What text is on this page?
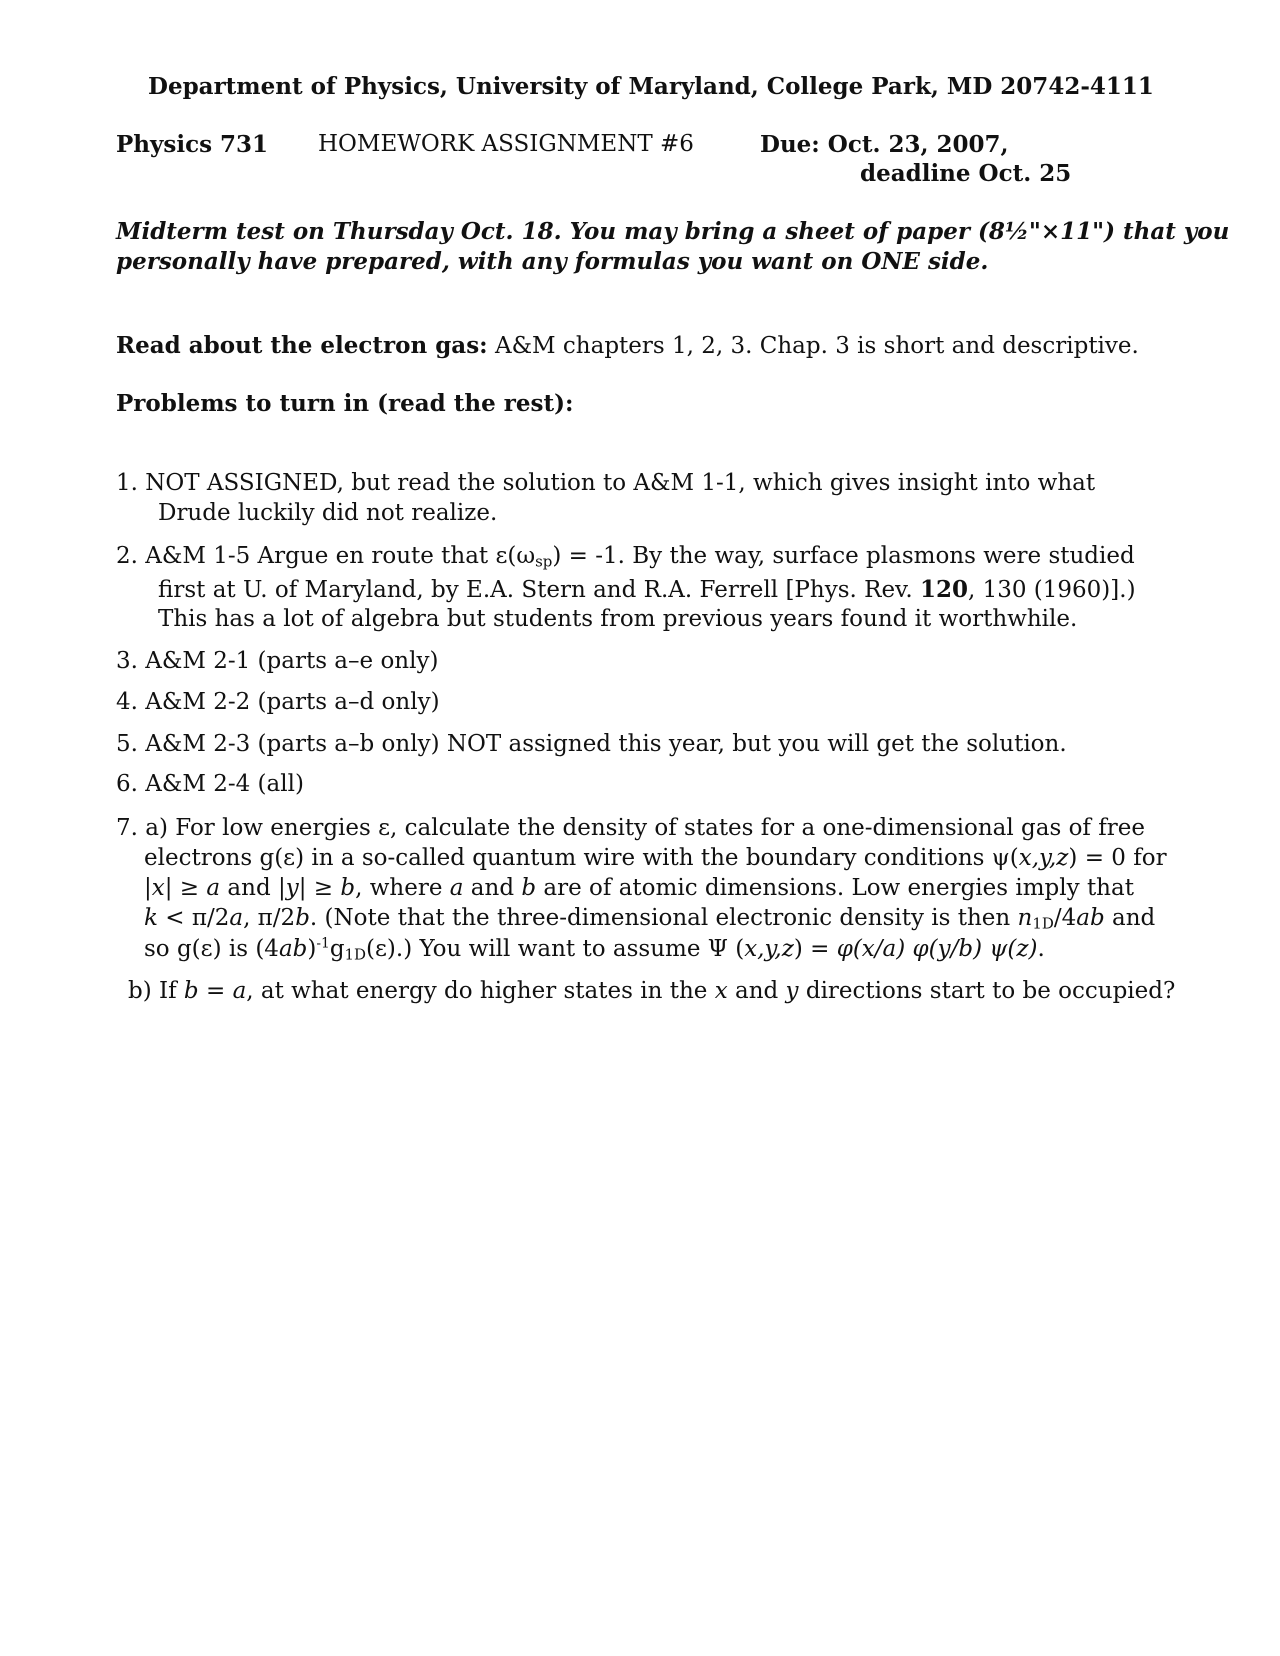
Department of Physics, University of Maryland, College Park, MD 20742-4111
Physics 731 HOMEWORK ASSIGNMENT #6	Due: Oct. 23, 2007,
deadline Oct. 25
Midterm test on Thursday Oct. 18. You may bring a sheet of paper (8½"×11") that you
personally have prepared, with any formulas you want on ONE side.
Read about the electron gas: A&M chapters 1, 2, 3. Chap. 3 is short and descriptive.
Problems to turn in (read the rest):
1. NOT ASSIGNED, but read the solution to A&M 1-1, which gives insight into what
Drude luckily did not realize.
2. A&M 1-5 Argue en route that $\varepsilon(\omega_{sp}) = -1$. By the way, surface plasmons were studied
first at U. of Maryland, by E.A. Stern and R.A. Ferrell [Phys. Rev. 120, 130 (1960)].)
This has a lot of algebra but students from previous years found it worthwhile.
3. A&M 2-1 (parts a–e only)
4. A&M 2-2 (parts a–d only)
5. A&M 2-3 (parts a–b only) NOT assigned this year, but you will get the solution.
6. A&M 2-4 (all)
7. a) For low energies ε, calculate the density of states for a one-dimensional gas of free
electrons g(ε) in a so-called quantum wire with the boundary conditions ψ(x,y,z) = 0 for
|x| ≥ a and |y| ≥ b, where a and b are of atomic dimensions. Low energies imply that
k < π/2a, π/2b. (Note that the three-dimensional electronic density is then $n_{1D}/4ab$ and
so g(ε) is $(4ab)^{-1}g_{1D}(\varepsilon)$.) You will want to assume Ψ (x,y,z) = φ(x/a) φ(y/b) ψ(z).
b) If b = a, at what energy do higher states in the x and y directions start to be occupied?
